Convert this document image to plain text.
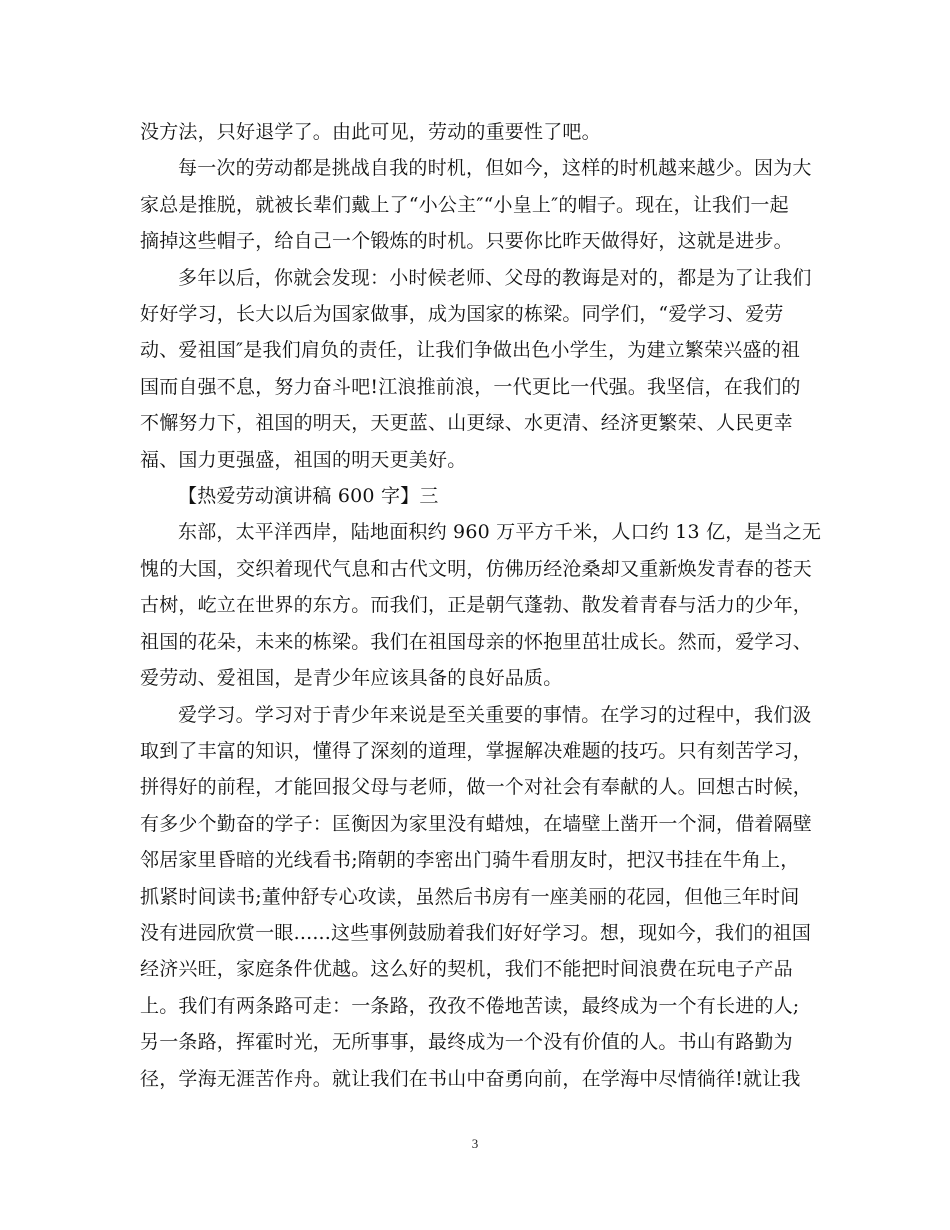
没方法，只好退学了。由此可见，劳动的重要性了吧。

每一次的劳动都是挑战自我的时机，但如今，这样的时机越来越少。因为大
家总是推脱，就被长辈们戴上了“小公主″“小皇上″的帽子。现在，让我们一起
摘掉这些帽子，给自己一个锻炼的时机。只要你比昨天做得好，这就是进步。

多年以后，你就会发现：小时候老师、父母的教诲是对的，都是为了让我们
好好学习，长大以后为国家做事，成为国家的栋梁。同学们，“爱学习、爱劳
动、爱祖国″是我们肩负的责任，让我们争做出色小学生，为建立繁荣兴盛的祖
国而自强不息，努力奋斗吧!江浪推前浪，一代更比一代强。我坚信，在我们的
不懈努力下，祖国的明天，天更蓝、山更绿、水更清、经济更繁荣、人民更幸
福、国力更强盛，祖国的明天更美好。

【热爱劳动演讲稿 600 字】三

东部，太平洋西岸，陆地面积约 960 万平方千米，人口约 13 亿，是当之无
愧的大国，交织着现代气息和古代文明，仿佛历经沧桑却又重新焕发青春的苍天
古树，屹立在世界的东方。而我们，正是朝气蓬勃、散发着青春与活力的少年，
祖国的花朵，未来的栋梁。我们在祖国母亲的怀抱里茁壮成长。然而，爱学习、
爱劳动、爱祖国，是青少年应该具备的良好品质。

爱学习。学习对于青少年来说是至关重要的事情。在学习的过程中，我们汲
取到了丰富的知识，懂得了深刻的道理，掌握解决难题的技巧。只有刻苦学习，
拼得好的前程，才能回报父母与老师，做一个对社会有奉献的人。回想古时候，
有多少个勤奋的学子：匡衡因为家里没有蜡烛，在墙壁上凿开一个洞，借着隔壁
邻居家里昏暗的光线看书;隋朝的李密出门骑牛看朋友时，把汉书挂在牛角上，
抓紧时间读书;董仲舒专心攻读，虽然后书房有一座美丽的花园，但他三年时间
没有进园欣赏一眼......这些事例鼓励着我们好好学习。想，现如今，我们的祖国
经济兴旺，家庭条件优越。这么好的契机，我们不能把时间浪费在玩电子产品
上。我们有两条路可走：一条路，孜孜不倦地苦读，最终成为一个有长进的人;
另一条路，挥霍时光，无所事事，最终成为一个没有价值的人。书山有路勤为
径，学海无涯苦作舟。就让我们在书山中奋勇向前，在学海中尽情徜徉!就让我

3
